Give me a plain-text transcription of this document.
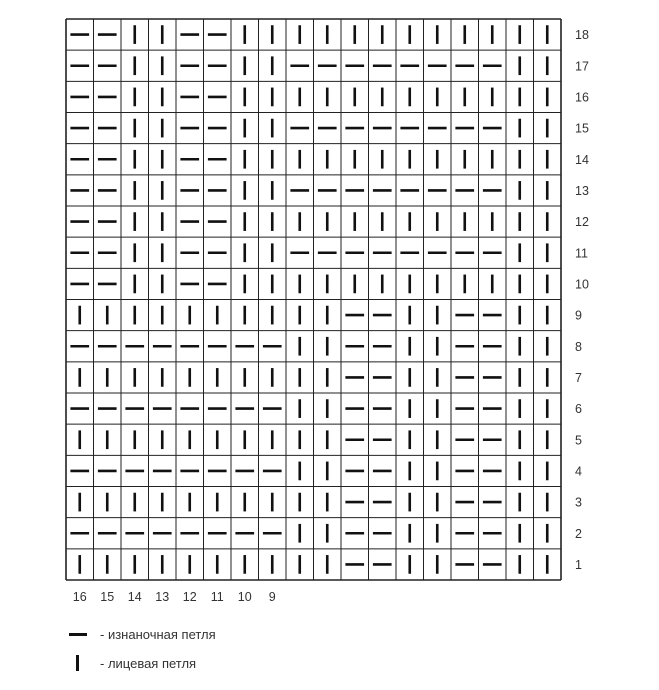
1
2
3
4
5
6
7
8
9
10
11
12
13
14
15
16
17
18
16 15 14 13 12 11 10 9
- изнаночная петля
- лицевая петля
